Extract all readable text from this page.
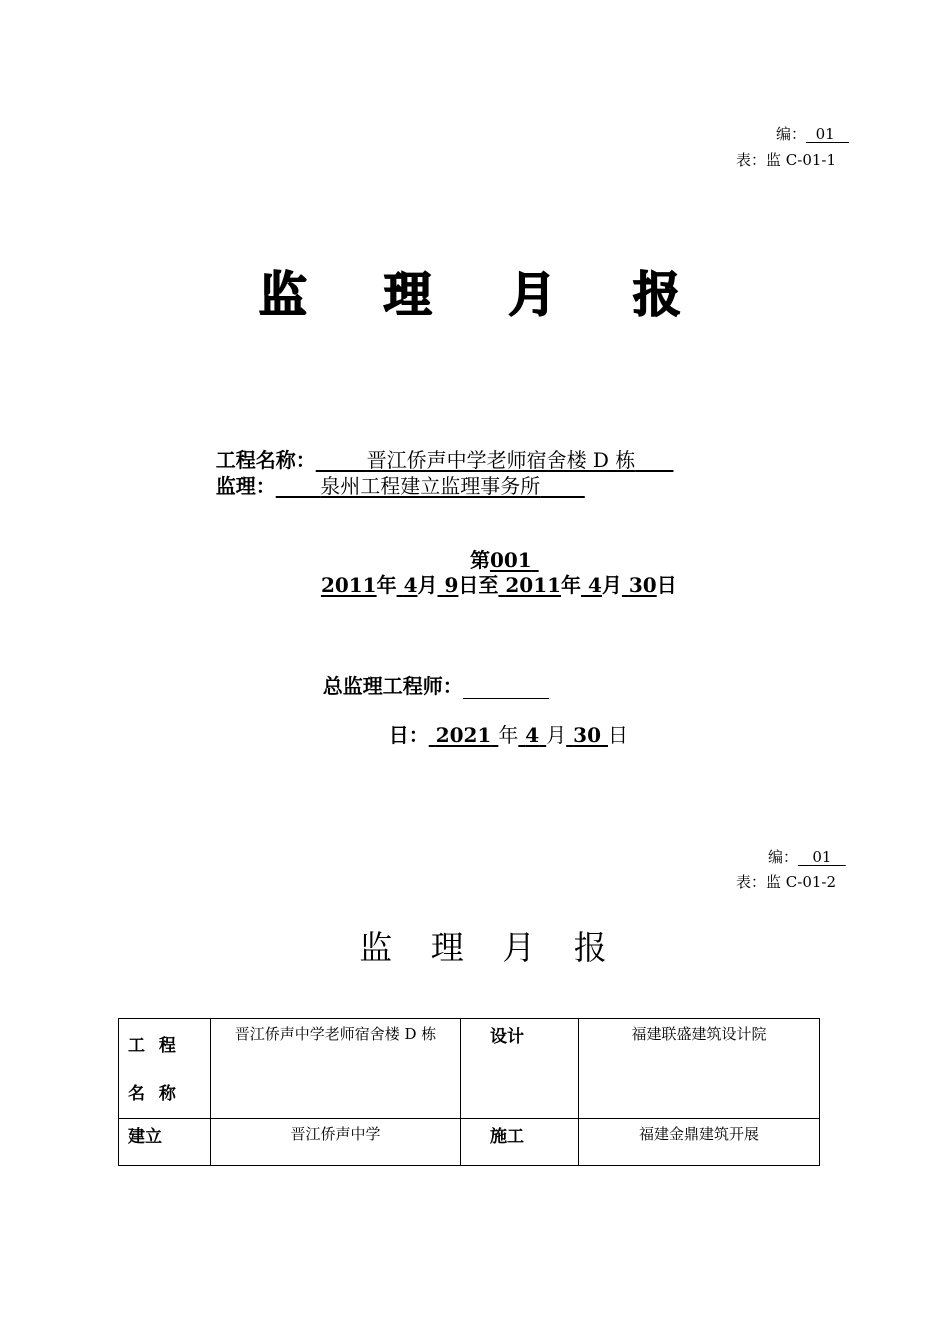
编： 01
表：监 C-01-1
监 理 月 报

工程名称：	晋江侨声中学老师宿舍楼 D 栋

监理： 泉州工程建立监理事务所

第001

2011年 4月 9日至 2011年 4月 30日

总监理工程师：

日： 2021 年 4 月 30 日

编： 01
表：监 C-01-2
监 理 月 报
工 程 名 称	晋江侨声中学老师宿舍楼 D 栋	设计	福建联盛建筑设计院
建立	晋江侨声中学	施工	福建金鼎建筑开展
